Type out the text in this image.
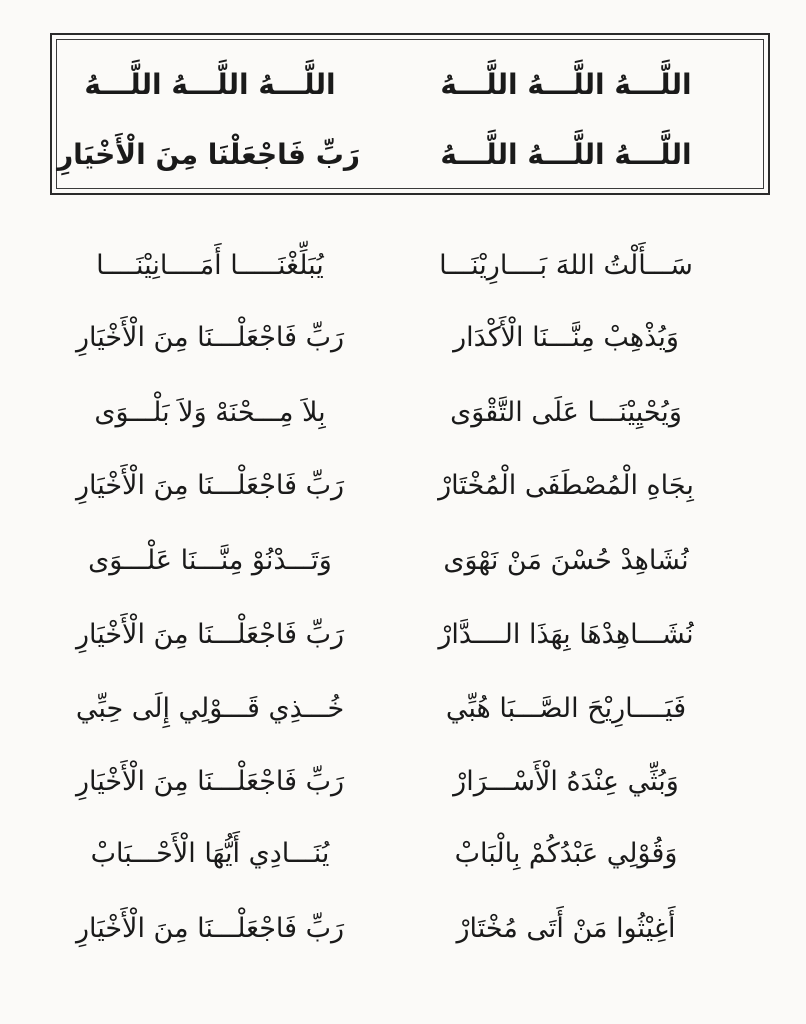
اللَّـــهُ اللَّـــهُ اللَّـــهُ
اللَّـــهُ اللَّـــهُ اللَّـــهُ
اللَّـــهُ اللَّـــهُ اللَّـــهُ
رَبِّ فَاجْعَلْنَا مِنَ الْأَخْيَارِ
سَـــأَلْتُ اللهَ بَــــارِيْنَـــا
يُبَلِّغْنَـــــا أَمَــــانِيْنَــــا
وَيُذْهِبْ مِنَّـــنَا الْأَكْدَار
رَبِّ فَاجْعَلْـــنَا مِنَ الْأَخْيَارِ
وَيُحْيِيْنَـــا عَلَى التَّقْوَى
بِلاَ مِـــحْنَهْ وَلاَ بَلْـــوَى
بِجَاهِ الْمُصْطَفَى الْمُخْتَارْ
رَبِّ فَاجْعَلْـــنَا مِنَ الْأَخْيَارِ
نُشَاهِدْ حُسْنَ مَنْ نَهْوَى
وَتَـــدْنُوْ مِنَّـــنَا عَلْـــوَى
نُشَـــاهِدْهَا بِهَذَا الــــدَّارْ
رَبِّ فَاجْعَلْـــنَا مِنَ الْأَخْيَارِ
فَيَــــارِيْحَ الصَّـــبَا هُبِّي
خُـــذِي قَـــوْلِي إِلَى حِبِّي
وَبُثِّي عِنْدَهُ الْأَسْـــرَارْ
رَبِّ فَاجْعَلْـــنَا مِنَ الْأَخْيَارِ
وَقُوْلِي عَبْدُكُمْ بِالْبَابْ
يُنَـــادِي أَيُّهَا الْأَحْـــبَابْ
أَغِيْثُوا مَنْ أَتَى مُخْتَارْ
رَبِّ فَاجْعَلْـــنَا مِنَ الْأَخْيَارِ
